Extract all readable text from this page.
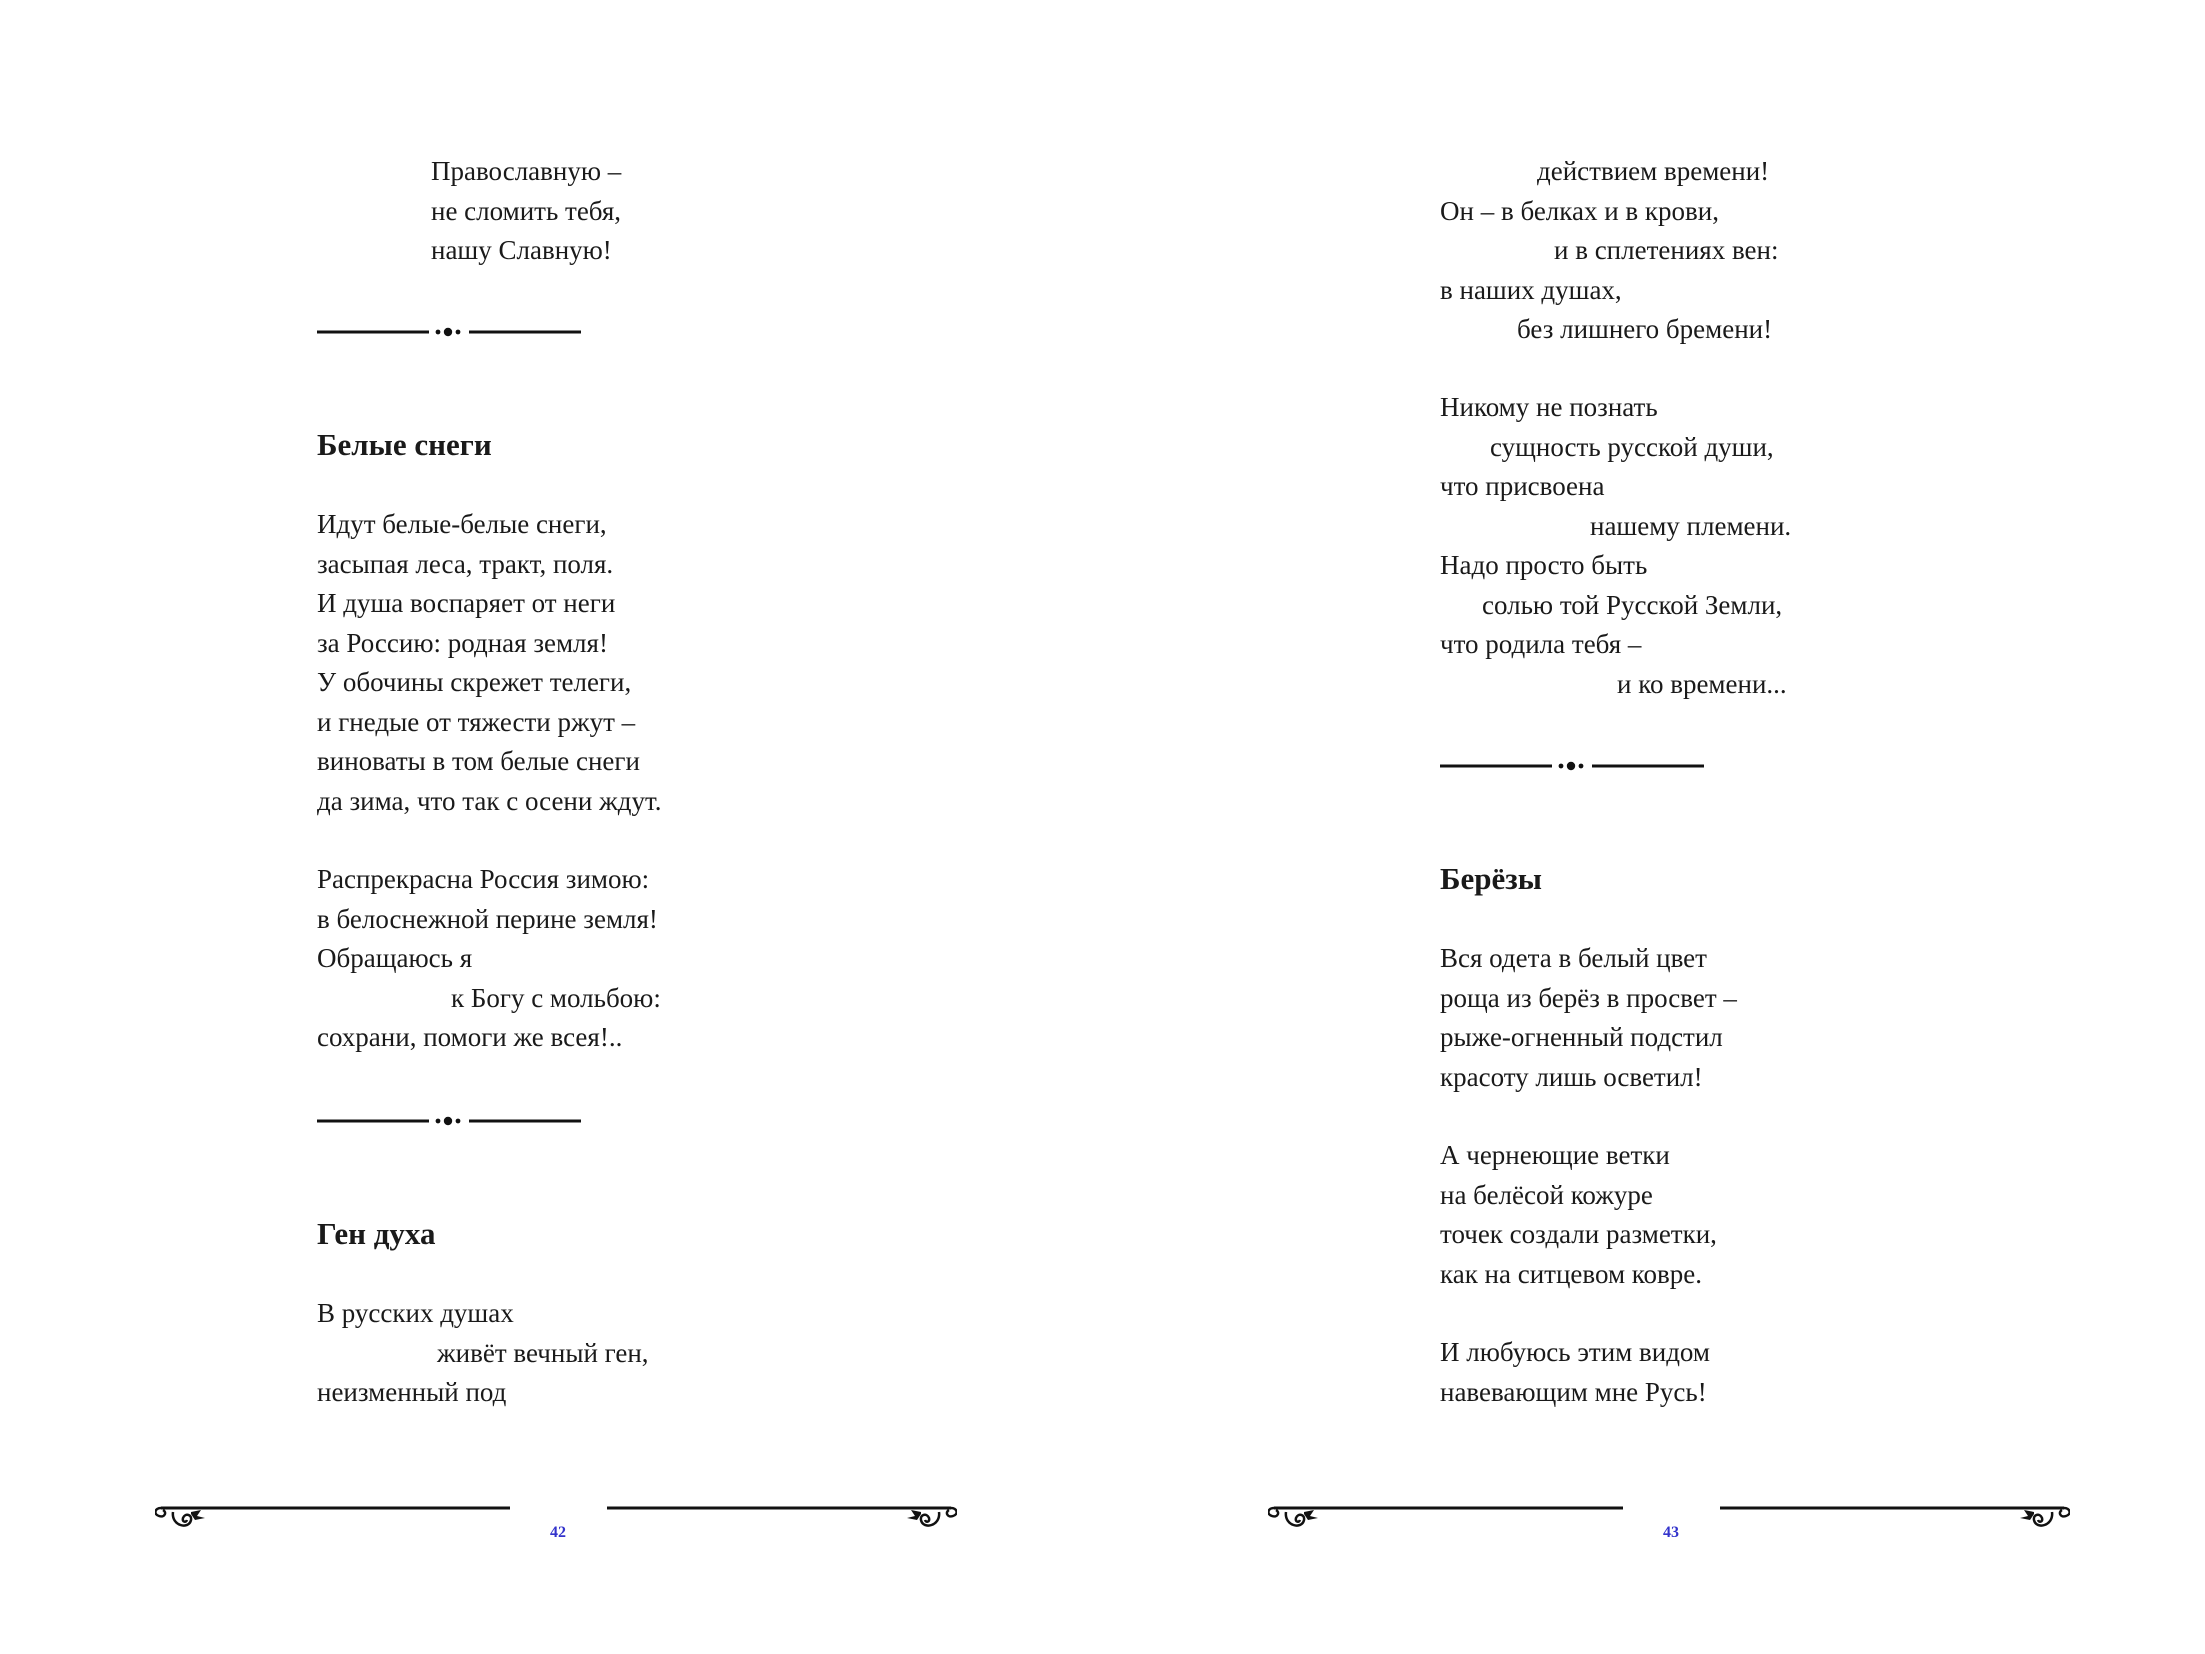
Православную –
не сломить тебя,
нашу Славную!
Белые снеги
Идут белые-белые снеги,
засыпая леса, тракт, поля.
И душа воспаряет от неги
за Россию: родная земля!
У обочины скрежет телеги,
и гнедые от тяжести ржут –
виноваты в том белые снеги
да зима, что так с осени ждут.
Распрекрасна Россия зимою:
в белоснежной перине земля!
Обращаюсь я
к Богу с мольбою:
сохрани, помоги же всея!..
Ген духа
В русских душах
живёт вечный ген,
неизменный под
42
действием времени!
Он – в белках и в крови,
и в сплетениях вен:
в наших душах,
без лишнего бремени!
Никому не познать
сущность русской души,
что присвоена
нашему племени.
Надо просто быть
солью той Русской Земли,
что родила тебя –
и ко времени...
Берёзы
Вся одета в белый цвет
роща из берёз в просвет –
рыже-огненный подстил
красоту лишь осветил!
А чернеющие ветки
на белёсой кожуре
точек создали разметки,
как на ситцевом ковре.
И любуюсь этим видом
навевающим мне Русь!
43
